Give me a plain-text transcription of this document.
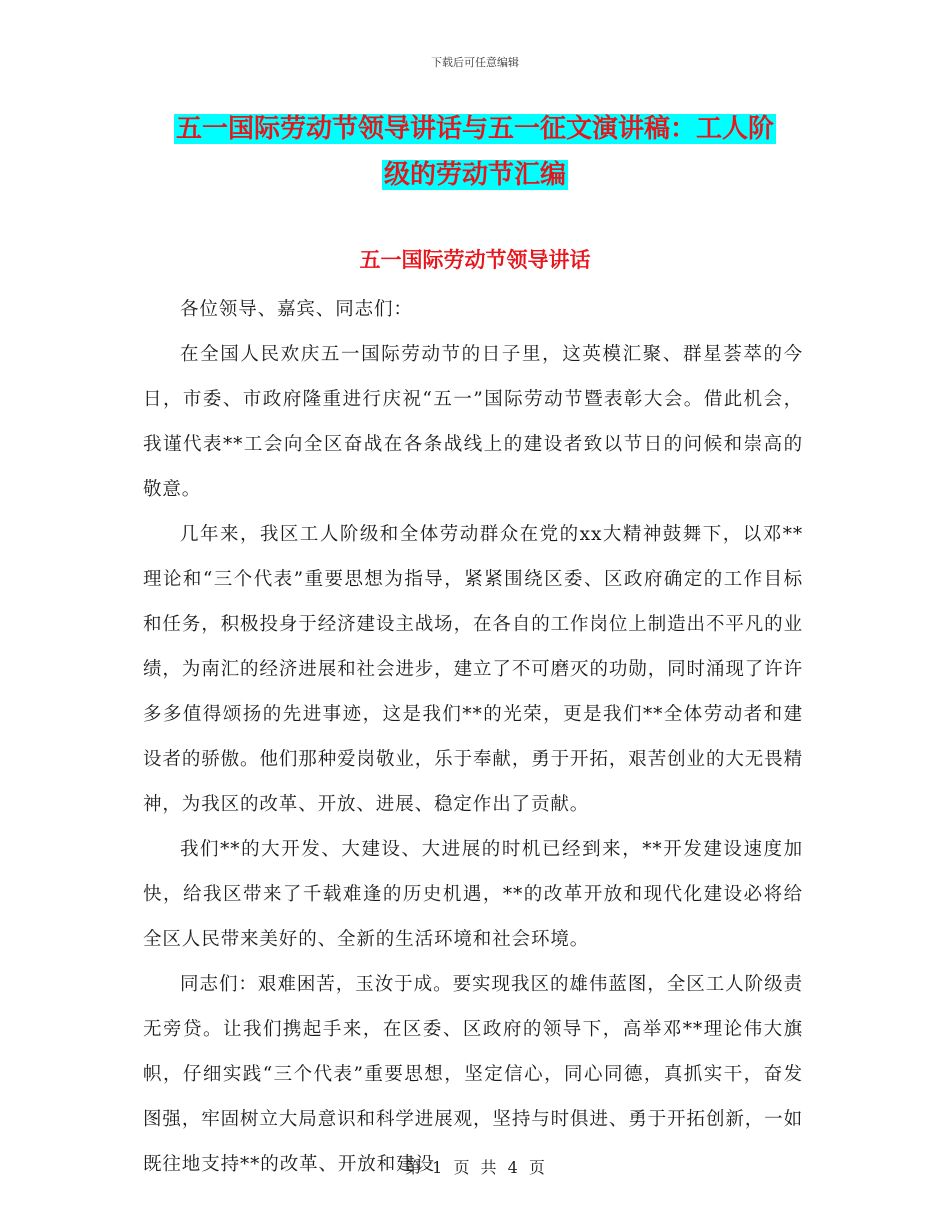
下载后可任意编辑
五一国际劳动节领导讲话与五一征文演讲稿：工人阶
级的劳动节汇编
五一国际劳动节领导讲话

各位领导、嘉宾、同志们：

在全国人民欢庆五一国际劳动节的日子里，这英模汇聚、群星荟萃的今日，市委、市政府隆重进行庆祝“五一”国际劳动节暨表彰大会。借此机会，我谨代表**工会向全区奋战在各条战线上的建设者致以节日的问候和崇高的敬意。

几年来，我区工人阶级和全体劳动群众在党的xx大精神鼓舞下，以邓**理论和“三个代表”重要思想为指导，紧紧围绕区委、区政府确定的工作目标和任务，积极投身于经济建设主战场，在各自的工作岗位上制造出不平凡的业绩，为南汇的经济进展和社会进步，建立了不可磨灭的功勋，同时涌现了许许多多值得颂扬的先进事迹，这是我们**的光荣，更是我们**全体劳动者和建设者的骄傲。他们那种爱岗敬业，乐于奉献，勇于开拓，艰苦创业的大无畏精神，为我区的改革、开放、进展、稳定作出了贡献。

我们**的大开发、大建设、大进展的时机已经到来，**开发建设速度加快，给我区带来了千载难逢的历史机遇，**的改革开放和现代化建设必将给全区人民带来美好的、全新的生活环境和社会环境。

同志们：艰难困苦，玉汝于成。要实现我区的雄伟蓝图，全区工人阶级责无旁贷。让我们携起手来，在区委、区政府的领导下，高举邓**理论伟大旗帜，仔细实践“三个代表”重要思想，坚定信心，同心同德，真抓实干，奋发图强，牢固树立大局意识和科学进展观，坚持与时俱进、勇于开拓创新，一如既往地支持**的改革、开放和建设

第 1 页 共 4 页
